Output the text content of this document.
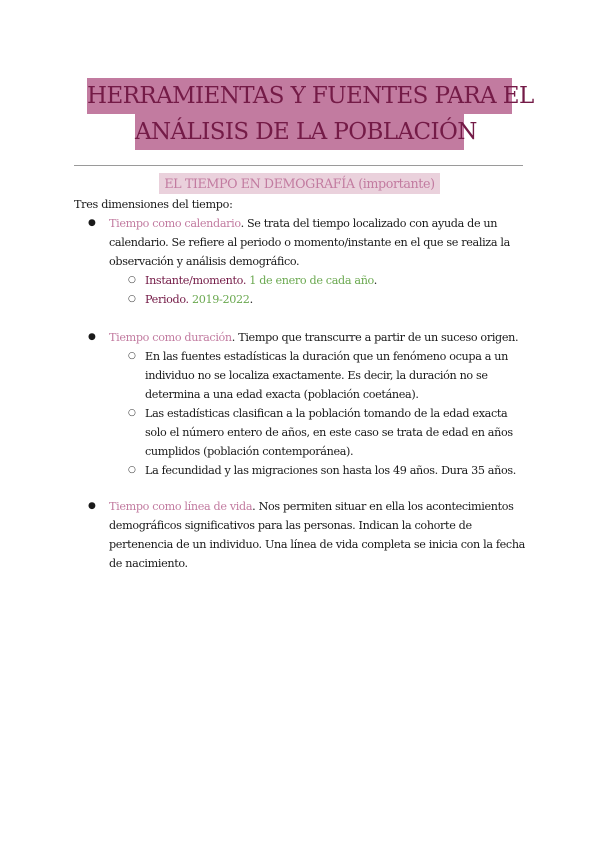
HERRAMIENTAS Y FUENTES PARA EL
ANÁLISIS DE LA POBLACIÓN
EL TIEMPO EN DEMOGRAFÍA (importante)
Tres dimensiones del tiempo:
● Tiempo como calendario. Se trata del tiempo localizado con ayuda de un
calendario. Se refiere al periodo o momento/instante en el que se realiza la
observación y análisis demográfico.
○ Instante/momento. 1 de enero de cada año.
○ Periodo. 2019-2022.
● Tiempo como duración. Tiempo que transcurre a partir de un suceso origen.
○ En las fuentes estadísticas la duración que un fenómeno ocupa a un
individuo no se localiza exactamente. Es decir, la duración no se
determina a una edad exacta (población coetánea).
○ Las estadísticas clasifican a la población tomando de la edad exacta
solo el número entero de años, en este caso se trata de edad en años
cumplidos (población contemporánea).
○ La fecundidad y las migraciones son hasta los 49 años. Dura 35 años.
● Tiempo como línea de vida. Nos permiten situar en ella los acontecimientos
demográficos significativos para las personas. Indican la cohorte de
pertenencia de un individuo. Una línea de vida completa se inicia con la fecha
de nacimiento.
